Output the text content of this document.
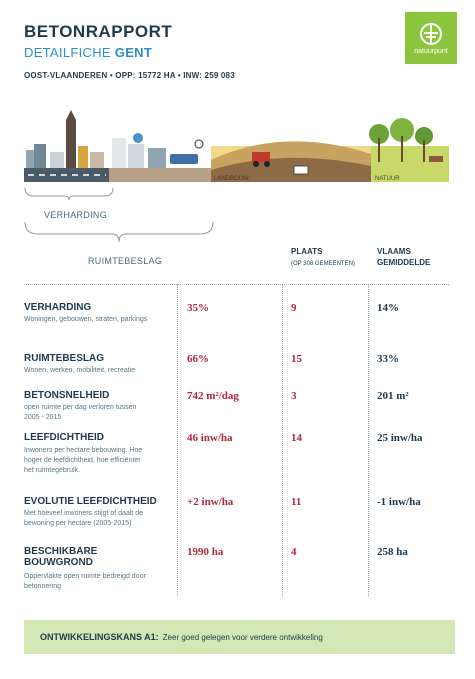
BETONRAPPORT
DETAILFICHE GENT
OOST-VLAANDEREN • OPP: 15772 HA • INW: 259 083
natuurpunt
LANDBOUW	NATUUR
VERHARDING
RUIMTEBESLAG
PLAATS
(OP 308 GEMEENTEN)
VLAAMS
GEMIDDELDE
VERHARDING
Woningen, gebouwen, straten, parkings
35%	9	14%
RUIMTEBESLAG
Wonen, werken, mobiliteit, recreatie
66%	15	33%
BETONSNELHEID
open ruimte per dag verloren tussen 2005 - 2015
742 m²/dag	3	201 m²
LEEFDICHTHEID
Inwoners per hectare bebouwing. Hoe hoger de leefdichtheid, hoe efficiënter het ruimtegebruik.
46 inw/ha	14	25 inw/ha
EVOLUTIE LEEFDICHTHEID
Met hoeveel inwoners stijgt of daalt de bewoning per hectare (2005-2015)
+2 inw/ha	11	-1 inw/ha
BESCHIKBARE BOUWGROND
Oppervlakte open ruimte bedreigd door betonnering
1990 ha	4	258 ha
ONTWIKKELINGSKANS A1: Zeer goed gelegen voor verdere ontwikkeling
